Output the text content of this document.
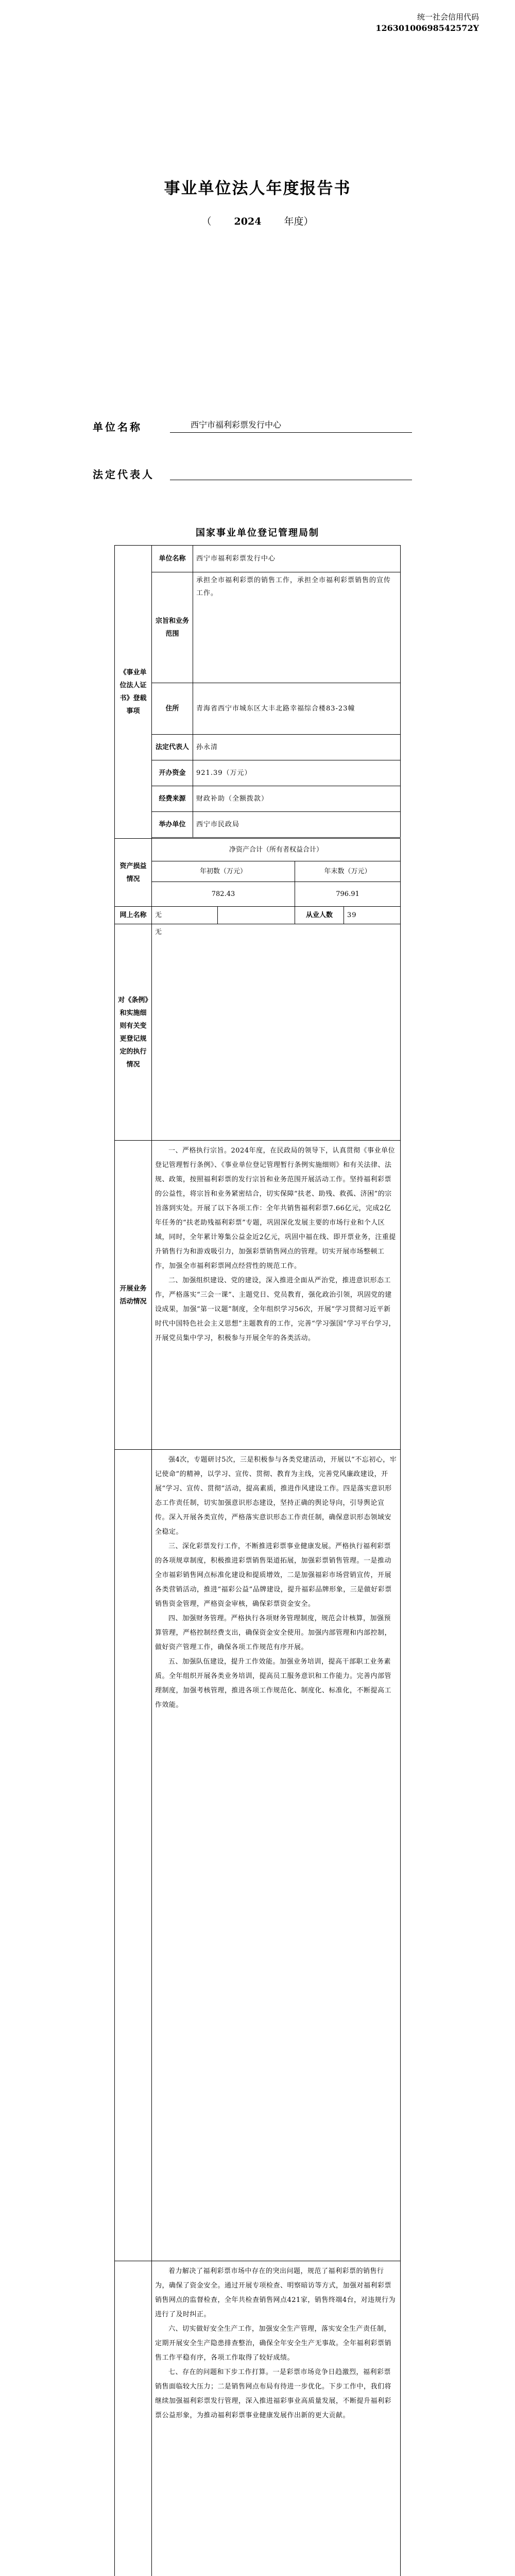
统一社会信用代码
12630100698542572Y
事业单位法人年度报告书
（ 2024 年度）
单位名称	西宁市福利彩票发行中心
法定代表人
国家事业单位登记管理局制
《事业单位法人证书》登载事项	单位名称	西宁市福利彩票发行中心			
	宗旨和业务范围	承担全市福利彩票的销售工作，承担全市福利彩票销售的宣传工作。			
	住所	青海省西宁市城东区大丰北路幸福综合楼83-23幢			
	法定代表人	孙永清			
	开办资金	921.39（万元）			
	经费来源	财政补助（全额拨款）			
	举办单位	西宁市民政局			

资产损益情况	净资产合计（所有者权益合计）				
	年初数（万元）			年末数（万元）	
	782.43			796.91	
网上名称	无			从业人数	39
对《条例》和实施细则有关变更登记规定的执行情况	无				
开展业务活动情况	一、严格执行宗旨。2024年度，在民政局的领导下，认真贯彻《事业单位登记管理暂行条例》、《事业单位登记管理暂行条例实施细则》和有关法律、法规、政策，按照福利彩票的发行宗旨和业务范围开展活动工作。坚持福利彩票的公益性，将宗旨和业务紧密结合，切实保障“扶老、助残、救孤、济困”的宗旨落到实处。开展了以下各项工作：全年共销售福利彩票7.66亿元，完成2亿年任务的“扶老助残福利彩票”专题，巩固深化发展主要的市场行业和个人区域，同时，全年累计筹集公益金近2亿元，巩固中福在线、即开票业务，注重提升销售行为和游戏吸引力，加强彩票销售网点的管理。切实开展市场整顿工作，加强全市福利彩票网点经营性的规范工作。

二、加强组织建设、党的建设，深入推进全面从严治党，推进意识形态工作，严格落实“三会一课”、主题党日、党员教育，强化政治引领，巩固党的建设成果，加强“第一议题”制度，全年组织学习56次，开展“学习贯彻习近平新时代中国特色社会主义思想”主题教育的工作，完善“学习强国”学习平台学习，开展党员集中学习，积极参与开展全年的各类活动。				

	强4次，专题研讨5次，三是积极参与各类党建活动，开展以“不忘初心，牢记使命”的精神，以学习、宣传、贯彻、教育为主线，完善党风廉政建设，开展“学习、宣传、贯彻”活动，提高素质，推进作风建设工作。四是落实意识形态工作责任制，切实加强意识形态建设，坚持正确的舆论导向，引导舆论宣传。深入开展各类宣传，严格落实意识形态工作责任制，确保意识形态领域安全稳定。

三、深化彩票发行工作，不断推进彩票事业健康发展。严格执行福利彩票的各项规章制度，积极推进彩票销售渠道拓展，加强彩票销售管理。一是推动全市福彩销售网点标准化建设和提质增效，二是加强福彩市场营销宣传，开展各类营销活动，推进“福彩公益”品牌建设，提升福彩品牌形象，三是做好彩票销售资金管理，严格资金审核，确保彩票资金安全。

四、加强财务管理。严格执行各项财务管理制度，规范会计核算，加强预算管理，严格控制经费支出，确保资金安全使用。加强内部管理和内部控制，做好资产管理工作，确保各项工作规范有序开展。

五、加强队伍建设，提升工作效能。加强业务培训，提高干部职工业务素质。全年组织开展各类业务培训，提高员工服务意识和工作能力。完善内部管理制度，加强考核管理，推进各项工作规范化、制度化、标准化，不断提高工作效能。				

	着力解决了福利彩票市场中存在的突出问题，规范了福利彩票的销售行为，确保了资金安全。通过开展专项检查、明察暗访等方式，加强对福利彩票销售网点的监督检查，全年共检查销售网点421家，销售终端4台，对违规行为进行了及时纠正。

六、切实做好安全生产工作，加强安全生产管理，落实安全生产责任制，定期开展安全生产隐患排查整治，确保全年安全生产无事故。全年福利彩票销售工作平稳有序，各项工作取得了较好成绩。

七、存在的问题和下步工作打算。一是彩票市场竞争日趋激烈，福利彩票销售面临较大压力；二是销售网点布局有待进一步优化。下步工作中，我们将继续加强福利彩票发行管理，深入推进福彩事业高质量发展，不断提升福利彩票公益形象，为推动福利彩票事业健康发展作出新的更大贡献。				
